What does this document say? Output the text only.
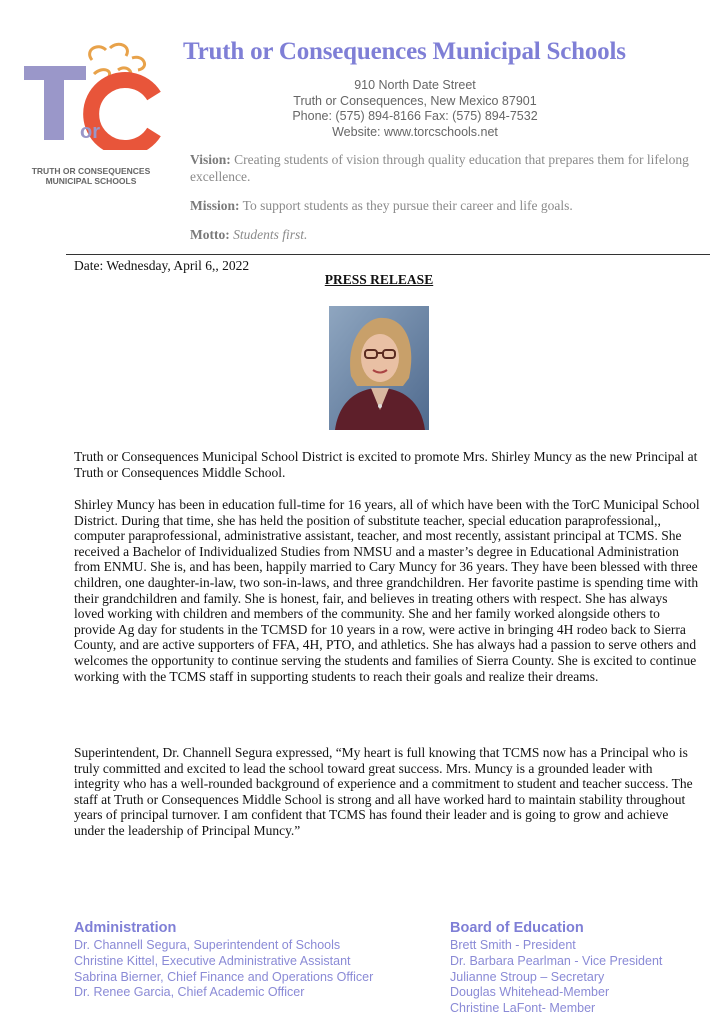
or
TRUTH OR CONSEQUENCES
MUNICIPAL SCHOOLS
Truth or Consequences Municipal Schools
910 North Date Street
Truth or Consequences, New Mexico 87901
Phone: (575) 894-8166 Fax: (575) 894-7532
Website: www.torcschools.net
Vision: Creating students of vision through quality education that prepares them for lifelong excellence.
Mission: To support students as they pursue their career and life goals.
Motto: Students first.
Date: Wednesday, April 6,, 2022
PRESS RELEASE
Truth or Consequences Municipal School District is excited to promote Mrs. Shirley Muncy as the new Principal at Truth or Consequences Middle School.
Shirley Muncy has been in education full-time for 16 years, all of which have been with the TorC Municipal School District. During that time, she has held the position of substitute teacher, special education paraprofessional,, computer paraprofessional, administrative assistant, teacher, and most recently, assistant principal at TCMS. She received a Bachelor of Individualized Studies from NMSU and a master’s degree in Educational Administration from ENMU. She is, and has been, happily married to Cary Muncy for 36 years. They have been blessed with three children, one daughter-in-law, two son-in-laws, and three grandchildren. Her favorite pastime is spending time with their grandchildren and family. She is honest, fair, and believes in treating others with respect. She has always loved working with children and members of the community. She and her family worked alongside others to provide Ag day for students in the TCMSD for 10 years in a row, were active in bringing 4H rodeo back to Sierra County, and are active supporters of FFA, 4H, PTO, and athletics. She has always had a passion to serve others and welcomes the opportunity to continue serving the students and families of Sierra County. She is excited to continue working with the TCMS staff in supporting students to reach their goals and realize their dreams.
Superintendent, Dr. Channell Segura expressed, “My heart is full knowing that TCMS now has a Principal who is truly committed and excited to lead the school toward great success. Mrs. Muncy is a grounded leader with integrity who has a well-rounded background of experience and a commitment to student and teacher success. The staff at Truth or Consequences Middle School is strong and all have worked hard to maintain stability throughout years of principal turnover. I am confident that TCMS has found their leader and is going to grow and achieve under the leadership of Principal Muncy.”
Administration
Dr. Channell Segura, Superintendent of Schools
Christine Kittel, Executive Administrative Assistant
Sabrina Bierner, Chief Finance and Operations Officer
Dr. Renee Garcia, Chief Academic Officer
Board of Education
Brett Smith - President
Dr. Barbara Pearlman - Vice President
Julianne Stroup – Secretary
Douglas Whitehead-Member
Christine LaFont- Member
